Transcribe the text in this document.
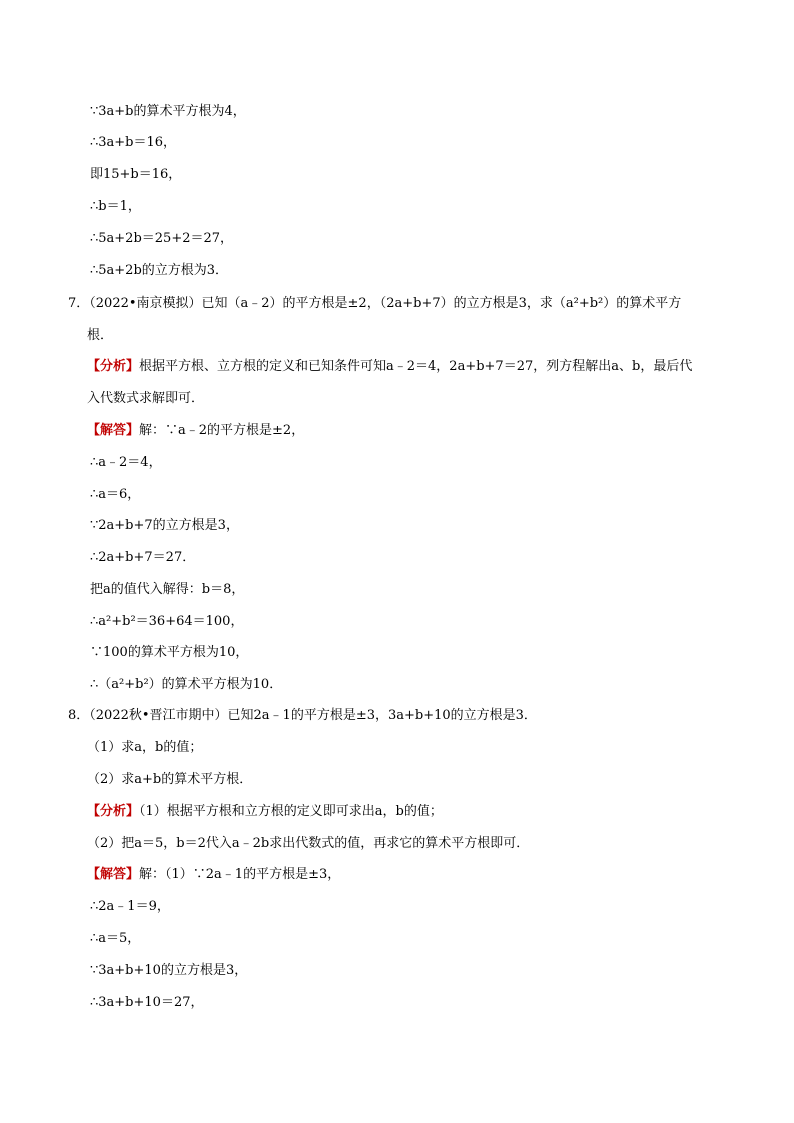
∵3a+b的算术平方根为4，
∴3a+b＝16，
即15+b＝16，
∴b＝1，
∴5a+2b＝25+2＝27，
∴5a+2b的立方根为3．
7．（2022•南京模拟）已知（a﹣2）的平方根是±2，（2a+b+7）的立方根是3，求（a²+b²）的算术平方
根．
【分析】根据平方根、立方根的定义和已知条件可知a﹣2＝4，2a+b+7＝27，列方程解出a、b，最后代
入代数式求解即可．
【解答】解：∵a﹣2的平方根是±2，
∴a﹣2＝4，
∴a＝6，
∵2a+b+7的立方根是3，
∴2a+b+7＝27．
把a的值代入解得：b＝8，
∴a²+b²＝36+64＝100，
∵100的算术平方根为10，
∴（a²+b²）的算术平方根为10．
8．（2022秋•晋江市期中）已知2a﹣1的平方根是±3，3a+b+10的立方根是3．
（1）求a，b的值；
（2）求a+b的算术平方根．
【分析】（1）根据平方根和立方根的定义即可求出a，b的值；
（2）把a＝5，b＝2代入a﹣2b求出代数式的值，再求它的算术平方根即可．
【解答】解：（1）∵2a﹣1的平方根是±3，
∴2a﹣1＝9，
∴a＝5，
∵3a+b+10的立方根是3，
∴3a+b+10＝27，
